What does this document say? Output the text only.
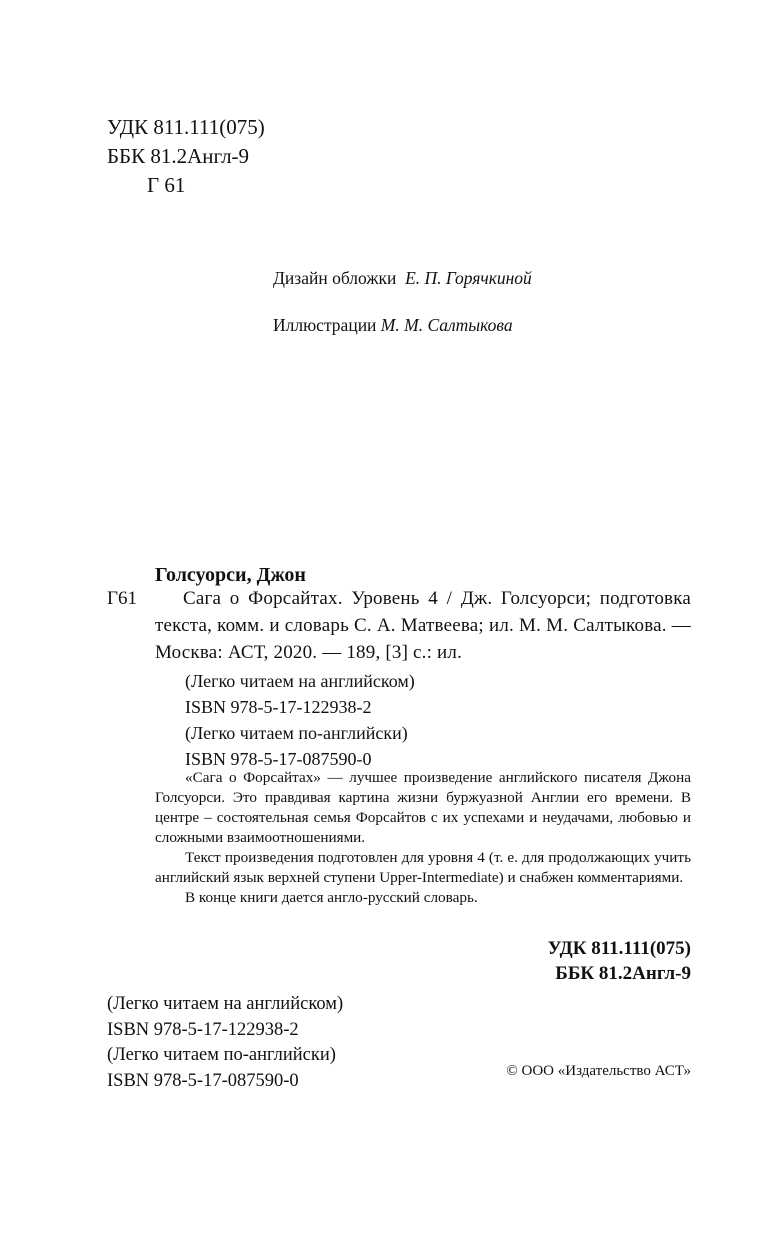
УДК 811.111(075)
ББК 81.2Англ-9
Г 61
Дизайн обложки Е. П. Горячкиной
Иллюстрации М. М. Салтыкова
Голсуорси, Джон
Г61	Сага о Форсайтах. Уровень 4 / Дж. Голсуорси; подготовка текста, комм. и словарь С. А. Матвеева; ил. М. М. Салтыкова. — Москва: АСТ, 2020. — 189, [3] с.: ил.
(Легко читаем на английском)
ISBN 978-5-17-122938-2
(Легко читаем по-английски)
ISBN 978-5-17-087590-0

«Сага о Форсайтах» — лучшее произведение английского писателя Джона Голсуорси. Это правдивая картина жизни буржуазной Англии его времени. В центре – состоятельная семья Форсайтов с их успехами и неудачами, любовью и сложными взаимоотношениями.

Текст произведения подготовлен для уровня 4 (т. е. для продолжающих учить английский язык верхней ступени Upper-Intermediate) и снабжен комментариями.

В конце книги дается англо-русский словарь.

УДК 811.111(075)
ББК 81.2Англ-9
(Легко читаем на английском)
ISBN 978-5-17-122938-2
(Легко читаем по-английски)
ISBN 978-5-17-087590-0	© ООО «Издательство АСТ»
